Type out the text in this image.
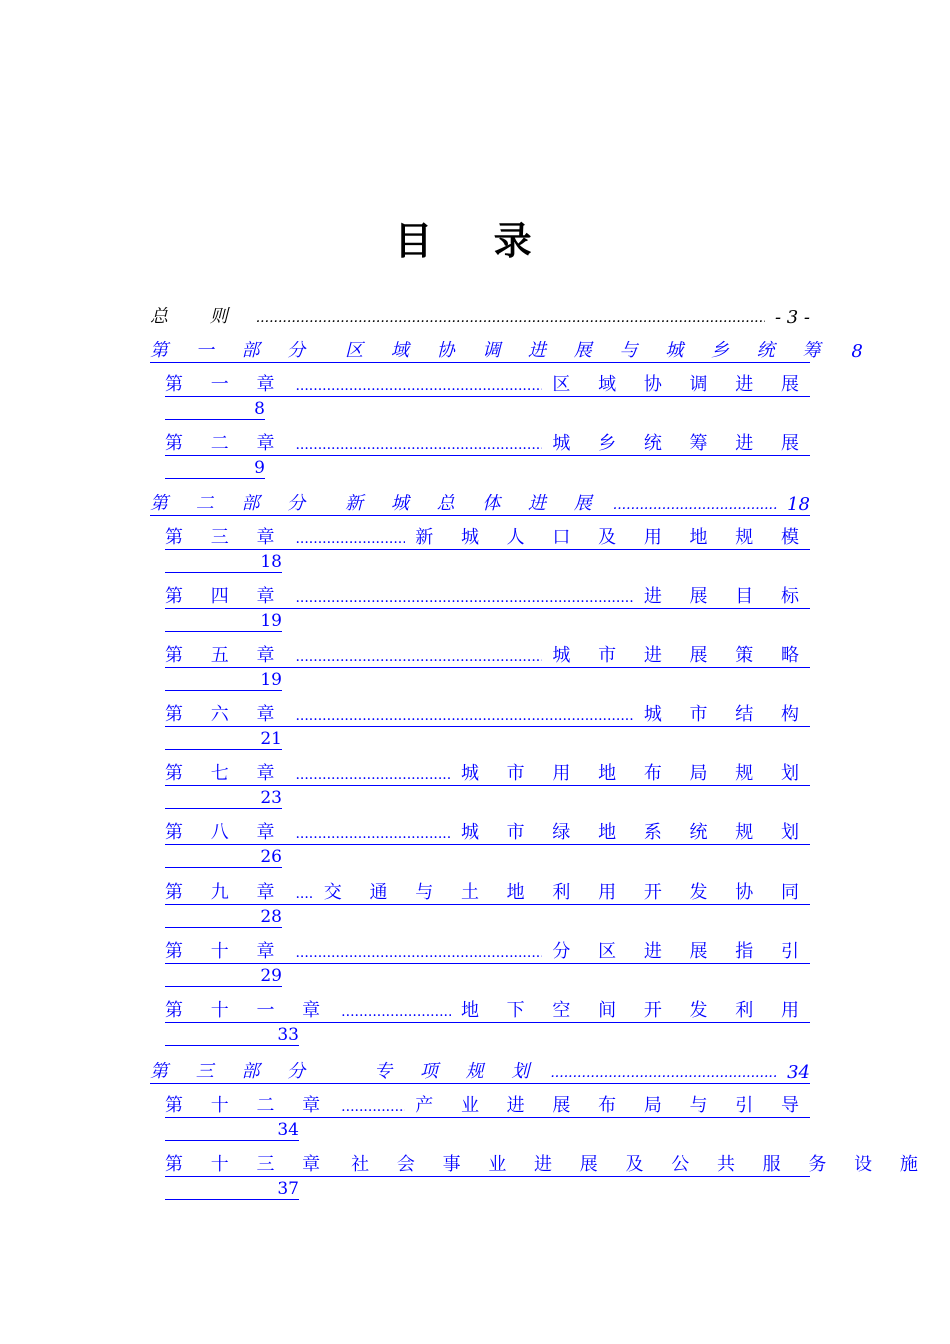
目 录
总 则 .....	- 3 -
第 一 部 分　区 域 协 调 进 展 与 城 乡 统 筹 8
第 一 章 .....	区 域 协 调 进 展
8
第 二 章 .....	城 乡 统 筹 进 展
9
第 二 部 分　新 城 总 体 进 展 .....	18
第 三 章 .....	新 城 人 口 及 用 地 规 模
18
第 四 章 .....	进 展 目 标
19
第 五 章 .....	城 市 进 展 策 略
19
第 六 章 .....	城 市 结 构
21
第 七 章 .....	城 市 用 地 布 局 规 划
23
第 八 章 .....	城 市 绿 地 系 统 规 划
26
第 九 章 ..... 交 通 与 土 地 利 用 开 发 协 同
28
第 十 章 .....	分 区 进 展 指 引
29
第 十 一 章 .....	地 下 空 间 开 发 利 用
33
第 三 部 分　　专 项 规 划 .....	34
第 十 二 章 .....	产 业 进 展 布 局 与 引 导
34
第 十 三 章 社 会 事 业 进 展 及 公 共 服 务 设 施
37
